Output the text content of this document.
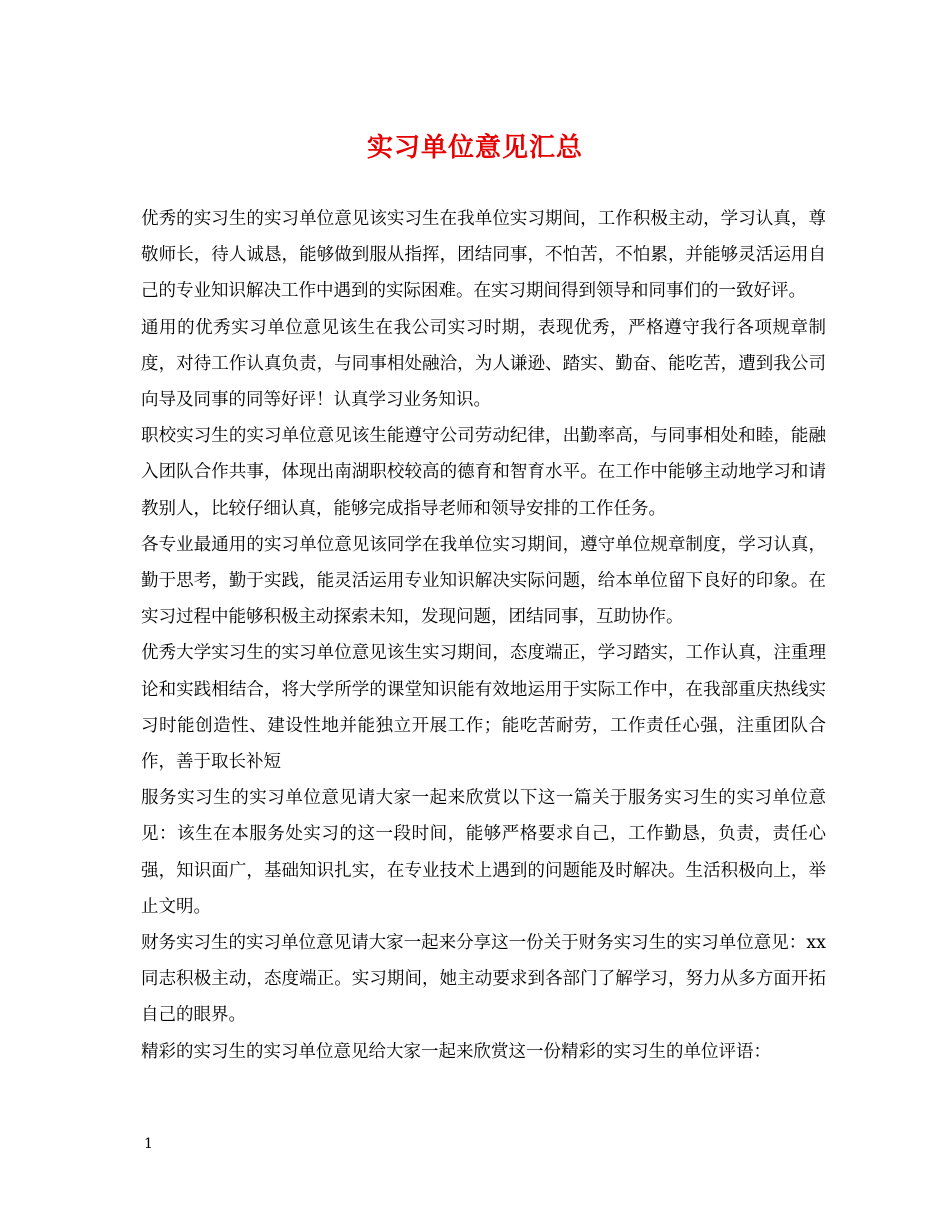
实习单位意见汇总

优秀的实习生的实习单位意见该实习生在我单位实习期间，工作积极主动，学习认真，尊敬师长，待人诚恳，能够做到服从指挥，团结同事，不怕苦，不怕累，并能够灵活运用自己的专业知识解决工作中遇到的实际困难。在实习期间得到领导和同事们的一致好评。

通用的优秀实习单位意见该生在我公司实习时期，表现优秀，严格遵守我行各项规章制度，对待工作认真负责，与同事相处融洽，为人谦逊、踏实、勤奋、能吃苦，遭到我公司向导及同事的同等好评！认真学习业务知识。

职校实习生的实习单位意见该生能遵守公司劳动纪律，出勤率高，与同事相处和睦，能融入团队合作共事，体现出南湖职校较高的德育和智育水平。在工作中能够主动地学习和请教别人，比较仔细认真，能够完成指导老师和领导安排的工作任务。

各专业最通用的实习单位意见该同学在我单位实习期间，遵守单位规章制度，学习认真，勤于思考，勤于实践，能灵活运用专业知识解决实际问题，给本单位留下良好的印象。在实习过程中能够积极主动探索未知，发现问题，团结同事，互助协作。

优秀大学实习生的实习单位意见该生实习期间，态度端正，学习踏实，工作认真，注重理论和实践相结合，将大学所学的课堂知识能有效地运用于实际工作中，在我部重庆热线实习时能创造性、建设性地并能独立开展工作；能吃苦耐劳，工作责任心强，注重团队合作，善于取长补短

服务实习生的实习单位意见请大家一起来欣赏以下这一篇关于服务实习生的实习单位意见：该生在本服务处实习的这一段时间，能够严格要求自己，工作勤恳，负责，责任心强，知识面广，基础知识扎实，在专业技术上遇到的问题能及时解决。生活积极向上，举止文明。

财务实习生的实习单位意见请大家一起来分享这一份关于财务实习生的实习单位意见：xx 同志积极主动，态度端正。实习期间，她主动要求到各部门了解学习，努力从多方面开拓自己的眼界。

精彩的实习生的实习单位意见给大家一起来欣赏这一份精彩的实习生的单位评语：

1
